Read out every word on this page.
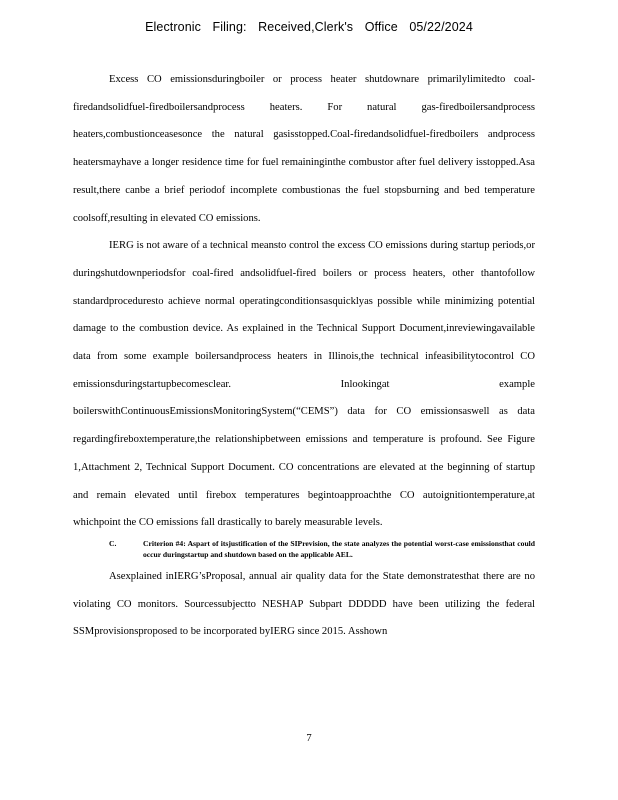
Electronic Filing: Received,Clerk's Office 05/22/2024

Excess CO emissionsduringboiler or process heater shutdownare primarilylimitedto coal-firedandsolidfuel-firedboilersandprocess heaters. For natural gas-firedboilersandprocess heaters,combustionceasesonce the natural gasisstopped.Coal-firedandsolidfuel-firedboilers andprocess heatersmayhave a longer residence time for fuel remaininginthe combustor after fuel delivery isstopped.Asa result,there canbe a brief periodof incomplete combustionas the fuel stopsburning and bed temperature coolsoff,resulting in elevated CO emissions.

IERG is not aware of a technical meansto control the excess CO emissions during startup periods,or duringshutdownperiodsfor coal-fired andsolidfuel-fired boilers or process heaters, other thantofollow standardproceduresto achieve normal operatingconditionsasquicklyas possible while minimizing potential damage to the combustion device. As explained in the Technical Support Document,inreviewingavailable data from some example boilersandprocess heaters in Illinois,the technical infeasibilitytocontrol CO emissionsduringstartupbecomesclear. Inlookingat example boilerswithContinuousEmissionsMonitoringSystem(“CEMS”) data for CO emissionsaswell as data regardingfireboxtemperature,the relationshipbetween emissions and temperature is profound. See Figure 1,Attachment 2, Technical Support Document. CO concentrations are elevated at the beginning of startup and remain elevated until firebox temperatures begintoapproachthe CO autoignitiontemperature,at whichpoint the CO emissions fall drastically to barely measurable levels.

C.	Criterion #4: Aspart of itsjustification of the SIPrevision, the state analyzes the potential worst-case emissionsthat could occur duringstartup and shutdown based on the applicable AEL.

Asexplained inIERG’sProposal, annual air quality data for the State demonstratesthat there are no violating CO monitors. Sourcessubjectto NESHAP Subpart DDDDD have been utilizing the federal SSMprovisionsproposed to be incorporated byIERG since 2015. Asshown

7
